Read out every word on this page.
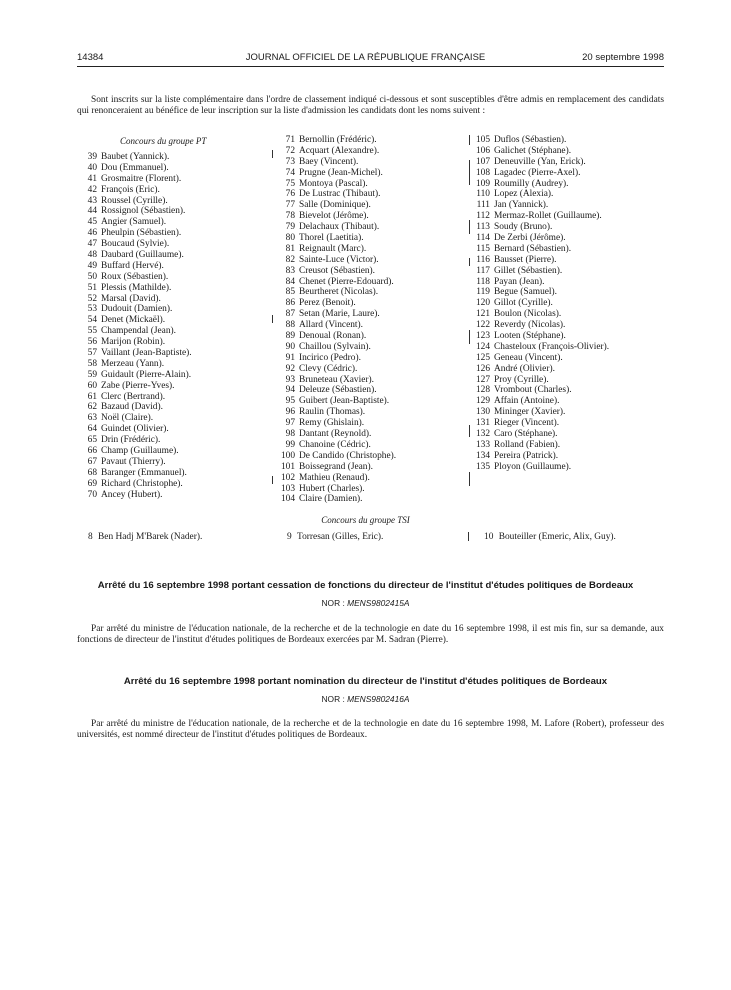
14384	JOURNAL OFFICIEL DE LA RÉPUBLIQUE FRANÇAISE	20 septembre 1998

Sont inscrits sur la liste complémentaire dans l'ordre de classement indiqué ci-dessous et sont susceptibles d'être admis en remplacement des candidats qui renonceraient au bénéfice de leur inscription sur la liste d'admission les candidats dont les noms suivent :

Concours du groupe PT
39 Baubet (Yannick).
40 Dou (Emmanuel).
41 Grosmaitre (Florent).
42 François (Eric).
43 Roussel (Cyrille).
44 Rossignol (Sébastien).
45 Angier (Samuel).
46 Pheulpin (Sébastien).
47 Boucaud (Sylvie).
48 Daubard (Guillaume).
49 Buffard (Hervé).
50 Roux (Sébastien).
51 Plessis (Mathilde).
52 Marsal (David).
53 Dudouit (Damien).
54 Denet (Mickaël).
55 Champendal (Jean).
56 Marijon (Robin).
57 Vaillant (Jean-Baptiste).
58 Merzeau (Yann).
59 Guidault (Pierre-Alain).
60 Zabe (Pierre-Yves).
61 Clerc (Bertrand).
62 Bazaud (David).
63 Noël (Claire).
64 Guindet (Olivier).
65 Drin (Frédéric).
66 Champ (Guillaume).
67 Pavaut (Thierry).
68 Baranger (Emmanuel).
69 Richard (Christophe).
70 Ancey (Hubert).
71 Bernollin (Frédéric).
72 Acquart (Alexandre).
73 Baey (Vincent).
74 Prugne (Jean-Michel).
75 Montoya (Pascal).
76 De Lustrac (Thibaut).
77 Salle (Dominique).
78 Bievelot (Jérôme).
79 Delachaux (Thibaut).
80 Thorel (Laetitia).
81 Reignault (Marc).
82 Sainte-Luce (Victor).
83 Creusot (Sébastien).
84 Chenet (Pierre-Edouard).
85 Beurtheret (Nicolas).
86 Perez (Benoit).
87 Setan (Marie, Laure).
88 Allard (Vincent).
89 Denoual (Ronan).
90 Chaillou (Sylvain).
91 Incirico (Pedro).
92 Clevy (Cédric).
93 Bruneteau (Xavier).
94 Deleuze (Sébastien).
95 Guibert (Jean-Baptiste).
96 Raulin (Thomas).
97 Remy (Ghislain).
98 Dantant (Reynold).
99 Chanoine (Cédric).
100 De Candido (Christophe).
101 Boissegrand (Jean).
102 Mathieu (Renaud).
103 Hubert (Charles).
104 Claire (Damien).
105 Duflos (Sébastien).
106 Galichet (Stéphane).
107 Deneuville (Yan, Erick).
108 Lagadec (Pierre-Axel).
109 Roumilly (Audrey).
110 Lopez (Alexia).
111 Jan (Yannick).
112 Mermaz-Rollet (Guillaume).
113 Soudy (Bruno).
114 De Zerbi (Jérôme).
115 Bernard (Sébastien).
116 Bausset (Pierre).
117 Gillet (Sébastien).
118 Payan (Jean).
119 Begue (Samuel).
120 Gillot (Cyrille).
121 Boulon (Nicolas).
122 Reverdy (Nicolas).
123 Looten (Stéphane).
124 Chasteloux (François-Olivier).
125 Geneau (Vincent).
126 André (Olivier).
127 Proy (Cyrille).
128 Vrombout (Charles).
129 Affain (Antoine).
130 Mininger (Xavier).
131 Rieger (Vincent).
132 Caro (Stéphane).
133 Rolland (Fabien).
134 Pereira (Patrick).
135 Ployon (Guillaume).
Concours du groupe TSI
8 Ben Hadj M'Barek (Nader).	9 Torresan (Gilles, Eric).	10 Bouteiller (Emeric, Alix, Guy).
Arrêté du 16 septembre 1998 portant cessation de fonctions du directeur de l'institut d'études politiques de Bordeaux
NOR : MENS9802415A

Par arrêté du ministre de l'éducation nationale, de la recherche et de la technologie en date du 16 septembre 1998, il est mis fin, sur sa demande, aux fonctions de directeur de l'institut d'études politiques de Bordeaux exercées par M. Sadran (Pierre).

Arrêté du 16 septembre 1998 portant nomination du directeur de l'institut d'études politiques de Bordeaux
NOR : MENS9802416A

Par arrêté du ministre de l'éducation nationale, de la recherche et de la technologie en date du 16 septembre 1998, M. Lafore (Robert), professeur des universités, est nommé directeur de l'institut d'études politiques de Bordeaux.
